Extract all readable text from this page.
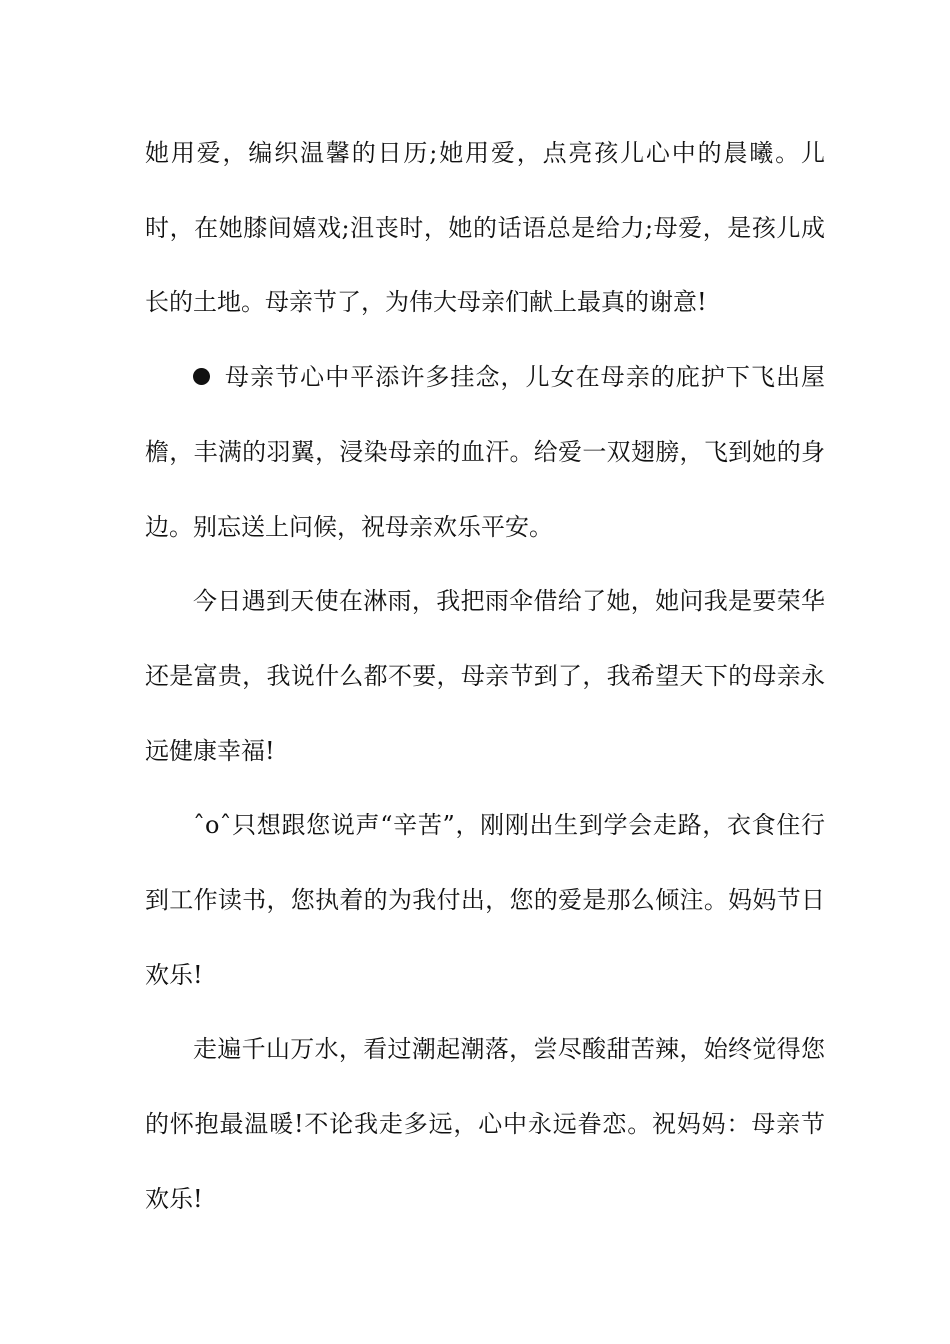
她用爱，编织温馨的日历;她用爱，点亮孩儿心中的晨曦。儿时，在她膝间嬉戏;沮丧时，她的话语总是给力;母爱，是孩儿成长的土地。母亲节了，为伟大母亲们献上最真的谢意!

母亲节心中平添许多挂念，儿女在母亲的庇护下飞出屋檐，丰满的羽翼，浸染母亲的血汗。给爱一双翅膀，飞到她的身边。别忘送上问候，祝母亲欢乐平安。

今日遇到天使在淋雨，我把雨伞借给了她，她问我是要荣华还是富贵，我说什么都不要，母亲节到了，我希望天下的母亲永远健康幸福!

ˆoˆ只想跟您说声“辛苦”，刚刚出生到学会走路，衣食住行到工作读书，您执着的为我付出，您的爱是那么倾注。妈妈节日欢乐!

走遍千山万水，看过潮起潮落，尝尽酸甜苦辣，始终觉得您的怀抱最温暖!不论我走多远，心中永远眷恋。祝妈妈：母亲节欢乐!
